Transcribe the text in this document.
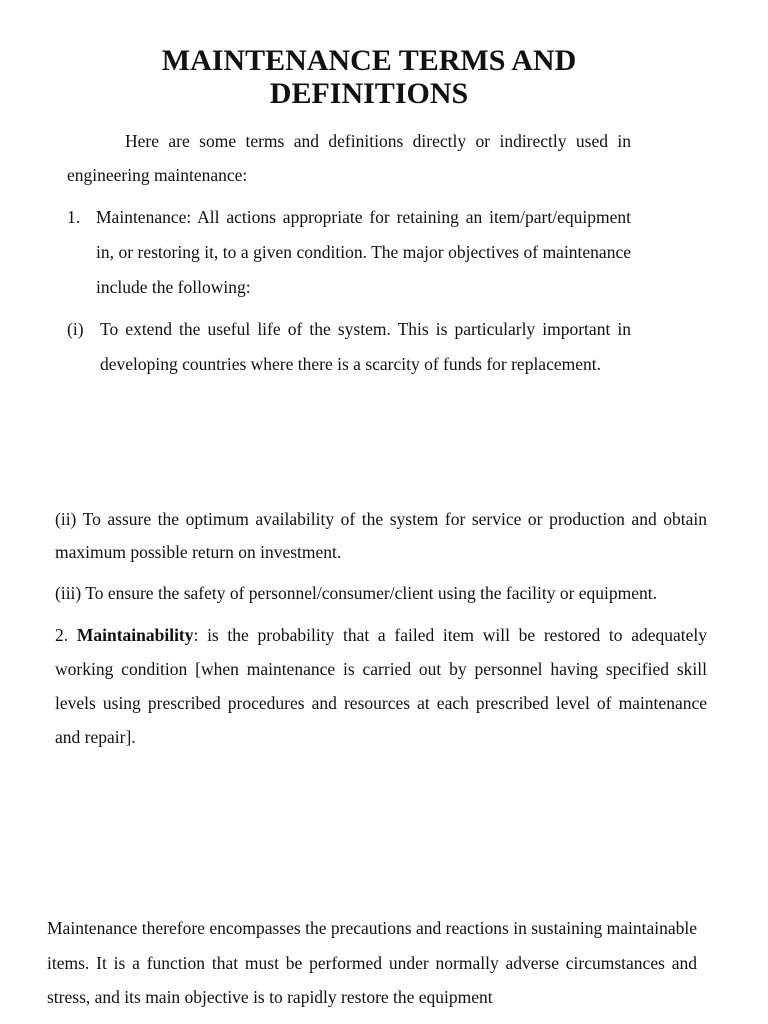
MAINTENANCE TERMS AND
DEFINITIONS

Here are some terms and definitions directly or indirectly used in engineering maintenance:

1. Maintenance: All actions appropriate for retaining an item/part/equipment in, or restoring it, to a given condition. The major objectives of maintenance include the following:
(i) To extend the useful life of the system. This is particularly important in developing countries where there is a scarcity of funds for replacement.

(ii) To assure the optimum availability of the system for service or production and obtain maximum possible return on investment.

(iii) To ensure the safety of personnel/consumer/client using the facility or equipment.

2. Maintainability: is the probability that a failed item will be restored to adequately working condition [when maintenance is carried out by personnel having specified skill levels using prescribed procedures and resources at each prescribed level of maintenance and repair].

Maintenance therefore encompasses the precautions and reactions in sustaining maintainable items. It is a function that must be performed under normally adverse circumstances and stress, and its main objective is to rapidly restore the equipment
